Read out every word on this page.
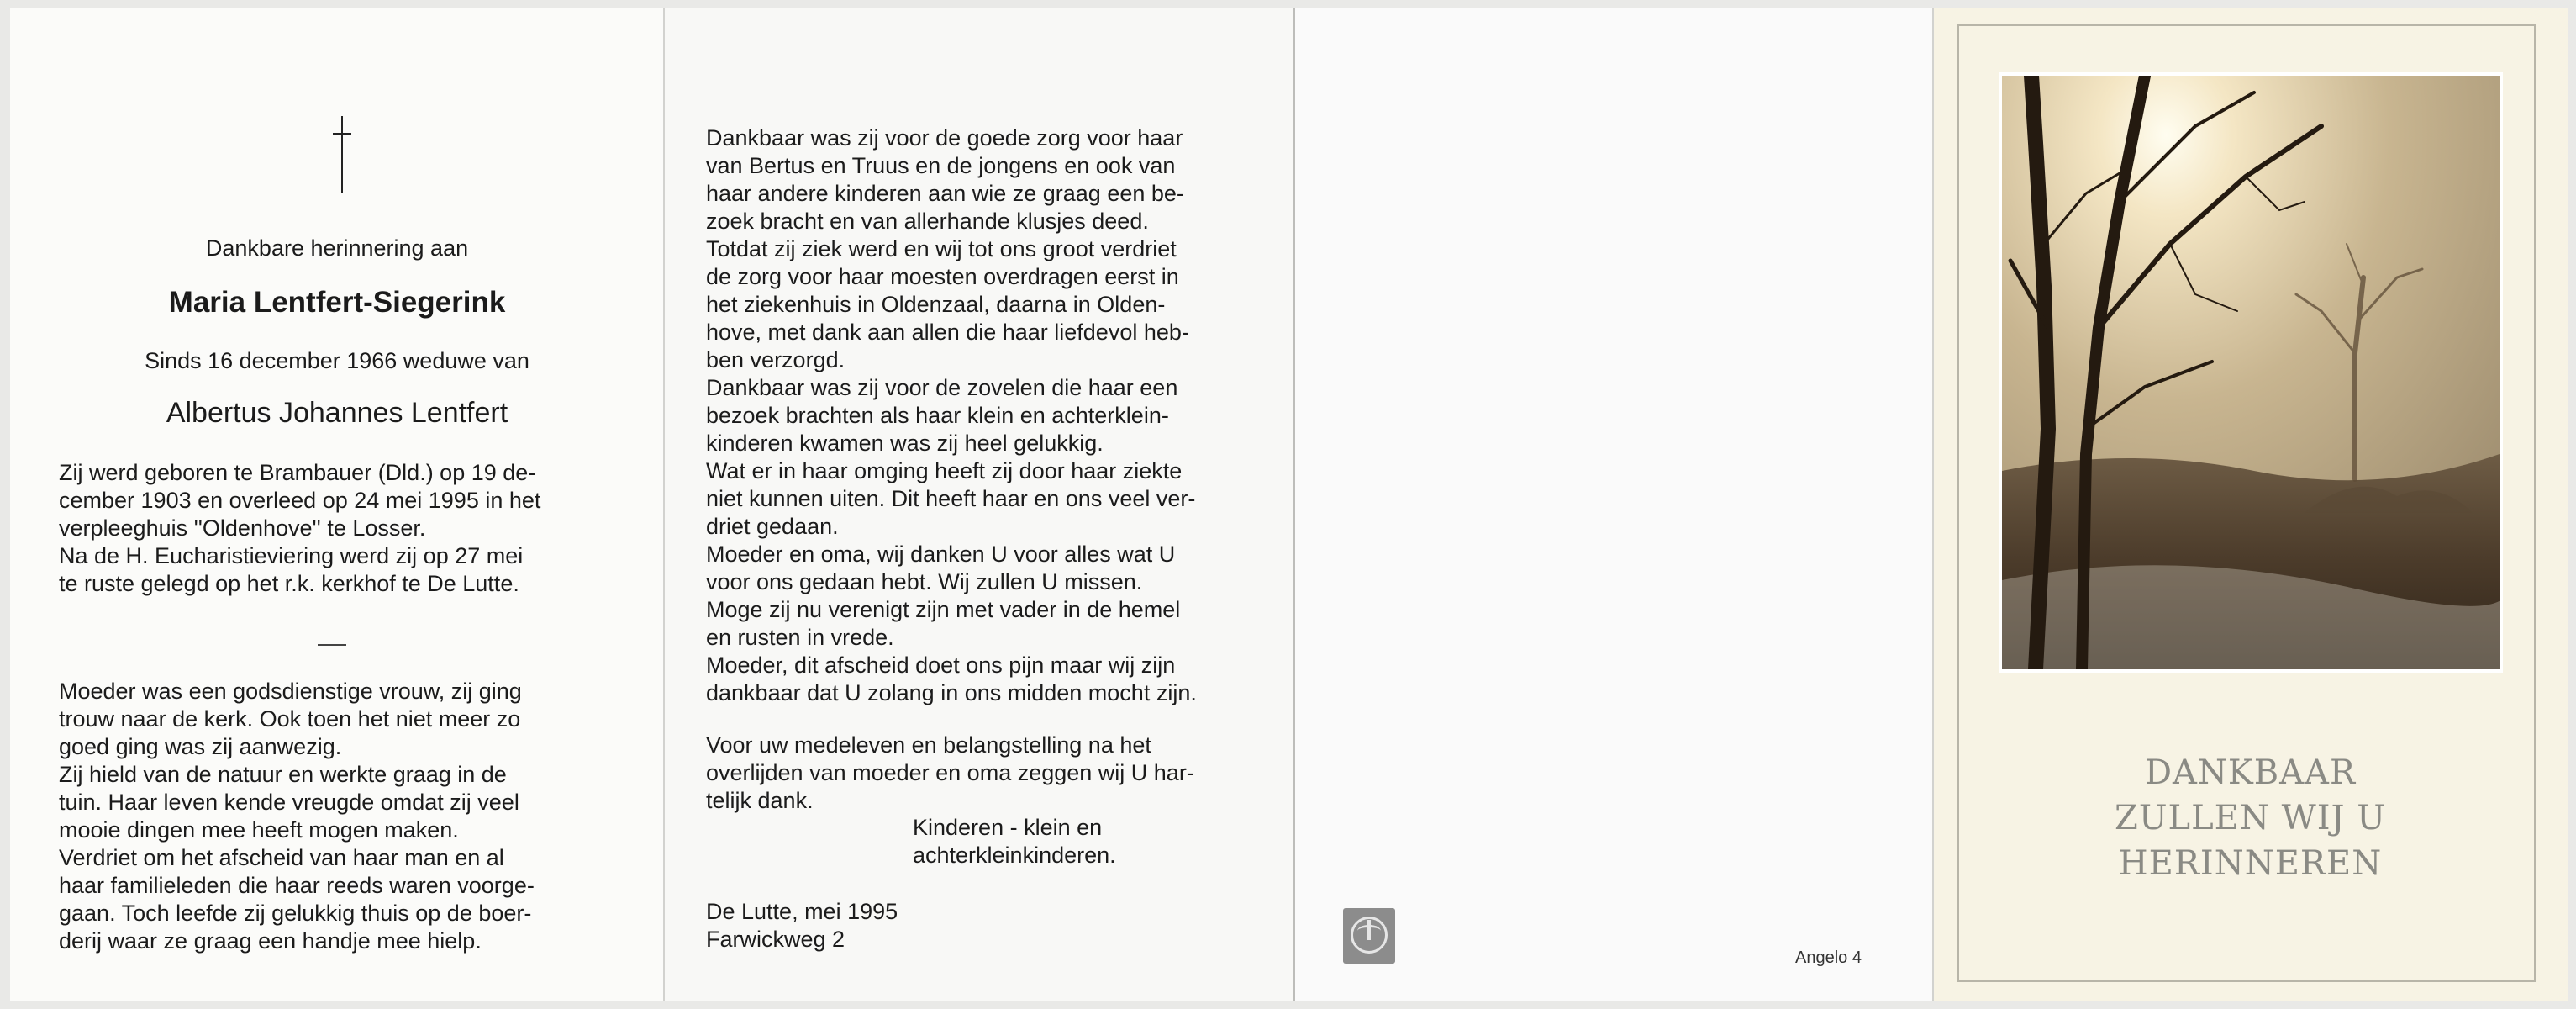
Dankbare herinnering aan
Maria Lentfert-Siegerink
Sinds 16 december 1966 weduwe van
Albertus Johannes Lentfert
Zij werd geboren te Brambauer (Dld.) op 19 de-
cember 1903 en overleed op 24 mei 1995 in het
verpleeghuis ''Oldenhove'' te Losser.
Na de H. Eucharistieviering werd zij op 27 mei
te ruste gelegd op het r.k. kerkhof te De Lutte.
Moeder was een godsdienstige vrouw, zij ging
trouw naar de kerk. Ook toen het niet meer zo
goed ging was zij aanwezig.
Zij hield van de natuur en werkte graag in de
tuin. Haar leven kende vreugde omdat zij veel
mooie dingen mee heeft mogen maken.
Verdriet om het afscheid van haar man en al
haar familieleden die haar reeds waren voorge-
gaan. Toch leefde zij gelukkig thuis op de boer-
derij waar ze graag een handje mee hielp.
Dankbaar was zij voor de goede zorg voor haar
van Bertus en Truus en de jongens en ook van
haar andere kinderen aan wie ze graag een be-
zoek bracht en van allerhande klusjes deed.
Totdat zij ziek werd en wij tot ons groot verdriet
de zorg voor haar moesten overdragen eerst in
het ziekenhuis in Oldenzaal, daarna in Olden-
hove, met dank aan allen die haar liefdevol heb-
ben verzorgd.
Dankbaar was zij voor de zovelen die haar een
bezoek brachten als haar klein en achterklein-
kinderen kwamen was zij heel gelukkig.
Wat er in haar omging heeft zij door haar ziekte
niet kunnen uiten. Dit heeft haar en ons veel ver-
driet gedaan.
Moeder en oma, wij danken U voor alles wat U
voor ons gedaan hebt. Wij zullen U missen.
Moge zij nu verenigt zijn met vader in de hemel
en rusten in vrede.
Moeder, dit afscheid doet ons pijn maar wij zijn
dankbaar dat U zolang in ons midden mocht zijn.
Voor uw medeleven en belangstelling na het
overlijden van moeder en oma zeggen wij U har-
telijk dank.
Kinderen - klein en
achterkleinkinderen.
De Lutte, mei 1995
Farwickweg 2
Angelo 4
DANKBAAR
ZULLEN WIJ U
HERINNEREN
